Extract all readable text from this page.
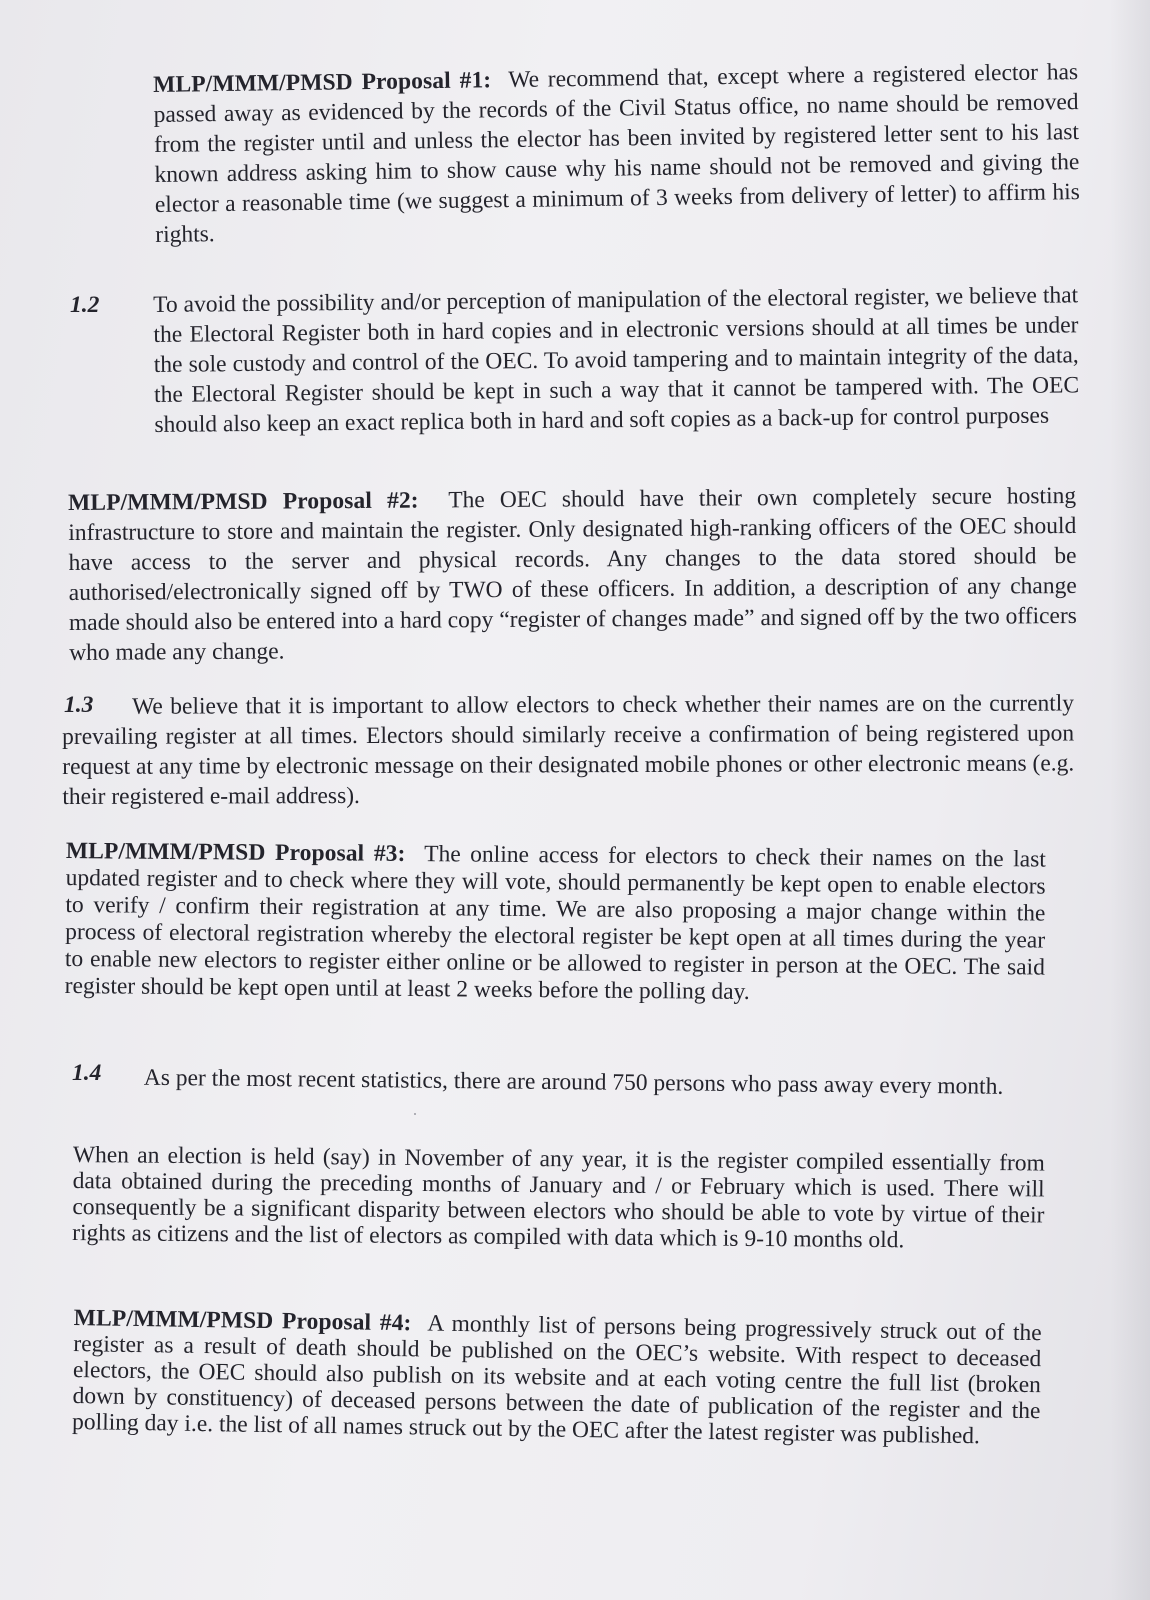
MLP/MMM/PMSD Proposal #1: We recommend that, except where a registered elector has passed away as evidenced by the records of the Civil Status office, no name should be removed from the register until and unless the elector has been invited by registered letter sent to his last known address asking him to show cause why his name should not be removed and giving the elector a reasonable time (we suggest a minimum of 3 weeks from delivery of letter) to affirm his rights.

1.2 To avoid the possibility and/or perception of manipulation of the electoral register, we believe that the Electoral Register both in hard copies and in electronic versions should at all times be under the sole custody and control of the OEC. To avoid tampering and to maintain integrity of the data, the Electoral Register should be kept in such a way that it cannot be tampered with. The OEC should also keep an exact replica both in hard and soft copies as a back-up for control purposes

MLP/MMM/PMSD Proposal #2: The OEC should have their own completely secure hosting infrastructure to store and maintain the register. Only designated high-ranking officers of the OEC should have access to the server and physical records. Any changes to the data stored should be authorised/electronically signed off by TWO of these officers. In addition, a description of any change made should also be entered into a hard copy “register of changes made” and signed off by the two officers who made any change.

We believe that it is important to allow electors to check whether their names are on the currently prevailing register at all times. Electors should similarly receive a confirmation of being registered upon request at any time by electronic message on their designated mobile phones or other electronic means (e.g. their registered e-mail address).

1.3

MLP/MMM/PMSD Proposal #3: The online access for electors to check their names on the last updated register and to check where they will vote, should permanently be kept open to enable electors to verify / confirm their registration at any time. We are also proposing a major change within the process of electoral registration whereby the electoral register be kept open at all times during the year to enable new electors to register either online or be allowed to register in person at the OEC. The said register should be kept open until at least 2 weeks before the polling day.

As per the most recent statistics, there are around 750 persons who pass away every month.

1.4

When an election is held (say) in November of any year, it is the register compiled essentially from data obtained during the preceding months of January and / or February which is used. There will consequently be a significant disparity between electors who should be able to vote by virtue of their rights as citizens and the list of electors as compiled with data which is 9-10 months old.

MLP/MMM/PMSD Proposal #4: A monthly list of persons being progressively struck out of the register as a result of death should be published on the OEC’s website. With respect to deceased electors, the OEC should also publish on its website and at each voting centre the full list (broken down by constituency) of deceased persons between the date of publication of the register and the polling day i.e. the list of all names struck out by the OEC after the latest register was published.
